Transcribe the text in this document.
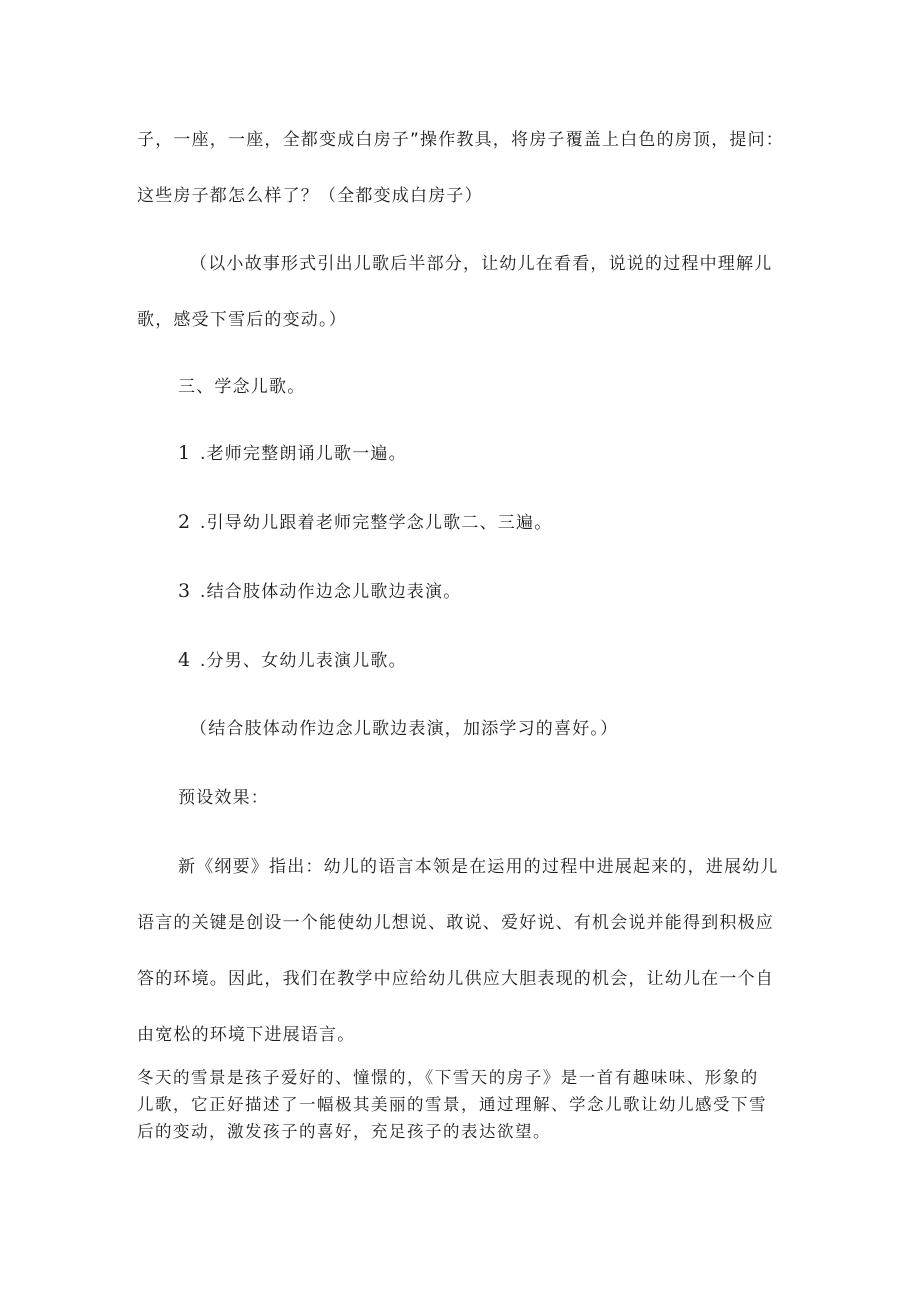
子，一座，一座，全都变成白房子”操作教具，将房子覆盖上白色的房顶，提问：

这些房子都怎么样了？（全都变成白房子）

（以小故事形式引出儿歌后半部分，让幼儿在看看，说说的过程中理解儿

歌，感受下雪后的变动。）

三、学念儿歌。

1 .老师完整朗诵儿歌一遍。

2 .引导幼儿跟着老师完整学念儿歌二、三遍。

3 .结合肢体动作边念儿歌边表演。

4 .分男、女幼儿表演儿歌。

（结合肢体动作边念儿歌边表演，加添学习的喜好。）

预设效果：

新《纲要》指出：幼儿的语言本领是在运用的过程中进展起来的，进展幼儿

语言的关键是创设一个能使幼儿想说、敢说、爱好说、有机会说并能得到积极应

答的环境。因此，我们在教学中应给幼儿供应大胆表现的机会，让幼儿在一个自

由宽松的环境下进展语言。

冬天的雪景是孩子爱好的、憧憬的，《下雪天的房子》是一首有趣味味、形象的
儿歌，它正好描述了一幅极其美丽的雪景，通过理解、学念儿歌让幼儿感受下雪
后的变动，激发孩子的喜好，充足孩子的表达欲望。
